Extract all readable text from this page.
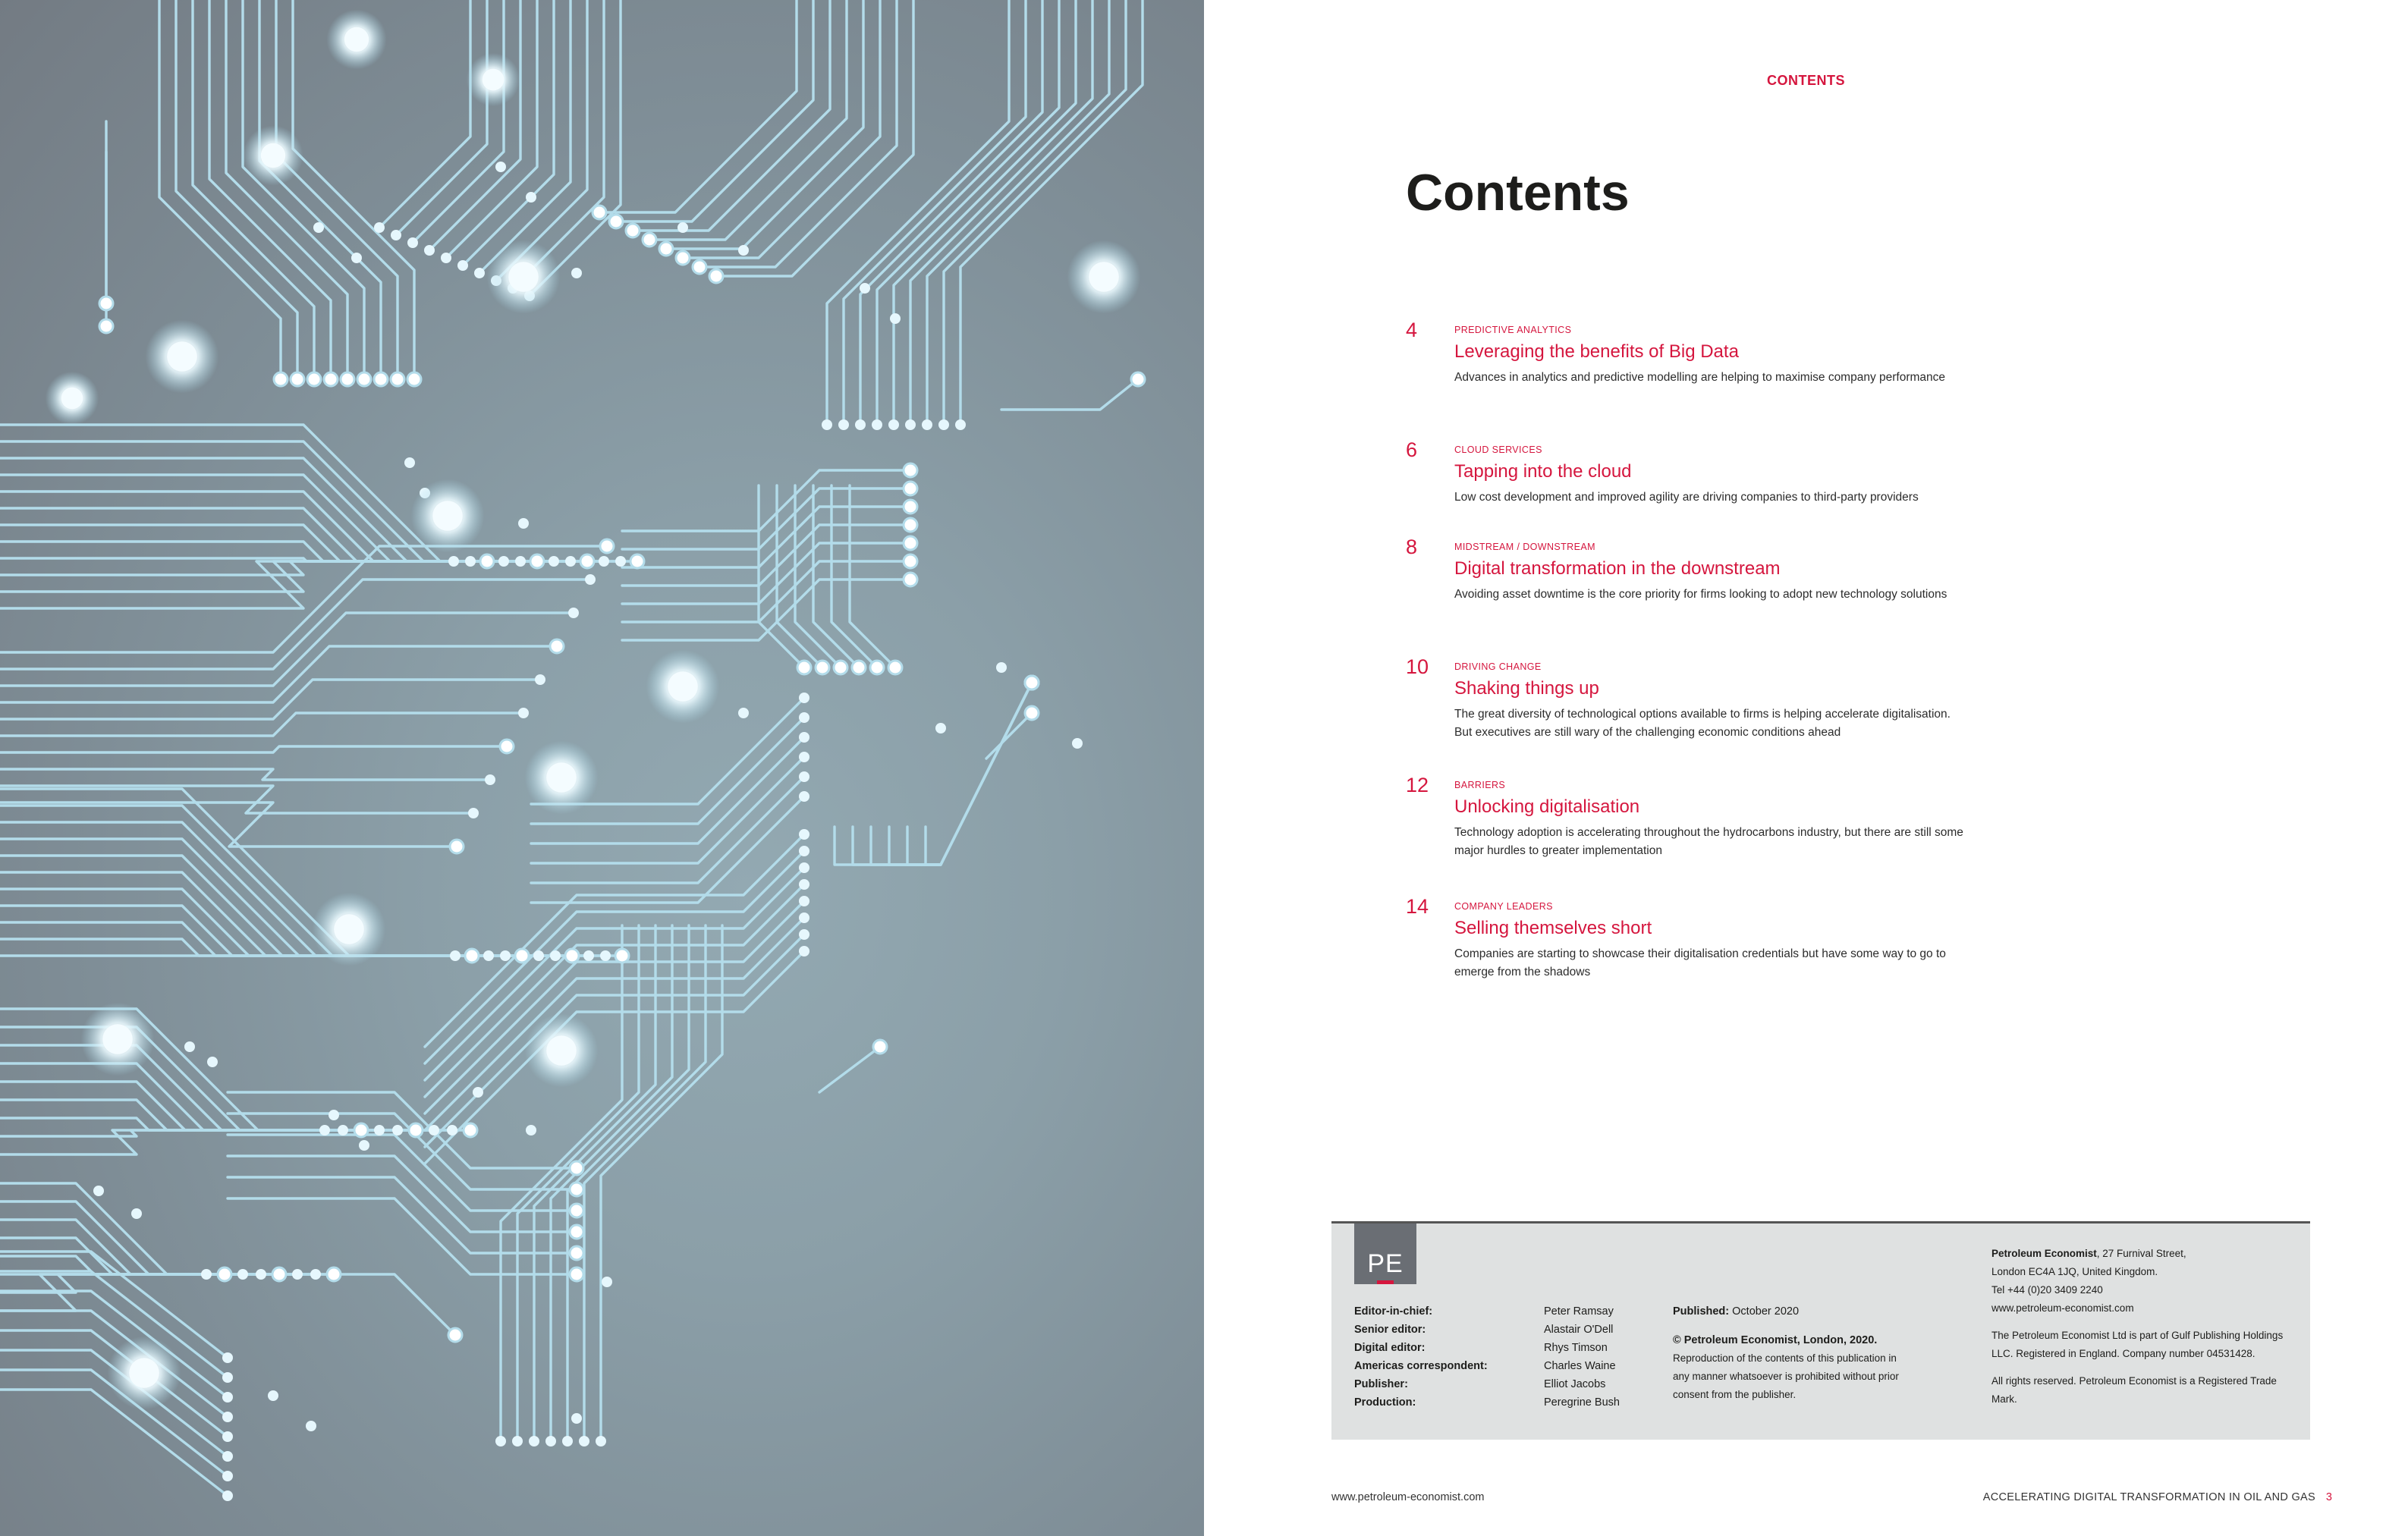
CONTENTS
Contents
4	PREDICTIVE ANALYTICS
Leveraging the benefits of Big Data
Advances in analytics and predictive modelling are helping to maximise company performance
6	CLOUD SERVICES
Tapping into the cloud
Low cost development and improved agility are driving companies to third-party providers
8	MIDSTREAM / DOWNSTREAM
Digital transformation in the downstream
Avoiding asset downtime is the core priority for firms looking to adopt new technology solutions
10	DRIVING CHANGE
Shaking things up
The great diversity of technological options available to firms is helping accelerate digitalisation. But executives are still wary of the challenging economic conditions ahead
12	BARRIERS
Unlocking digitalisation
Technology adoption is accelerating throughout the hydrocarbons industry, but there are still some major hurdles to greater implementation
14	COMPANY LEADERS
Selling themselves short
Companies are starting to showcase their digitalisation credentials but have some way to go to emerge from the shadows
PE
Editor-in-chief:	Peter Ramsay
Senior editor:	Alastair O'Dell
Digital editor:	Rhys Timson
Americas correspondent:	Charles Waine
Publisher:	Elliot Jacobs
Production:	Peregrine Bush
Published: October 2020
© Petroleum Economist, London, 2020.
Reproduction of the contents of this publication in any manner whatsoever is prohibited without prior consent from the publisher.

Petroleum Economist, 27 Furnival Street,

London EC4A 1JQ, United Kingdom.

Tel +44 (0)20 3409 2240

www.petroleum-economist.com

The Petroleum Economist Ltd is part of Gulf Publishing Holdings LLC. Registered in England. Company number 04531428.

All rights reserved. Petroleum Economist is a Registered Trade Mark.

www.petroleum-economist.com	ACCELERATING DIGITAL TRANSFORMATION IN OIL AND GAS 3
